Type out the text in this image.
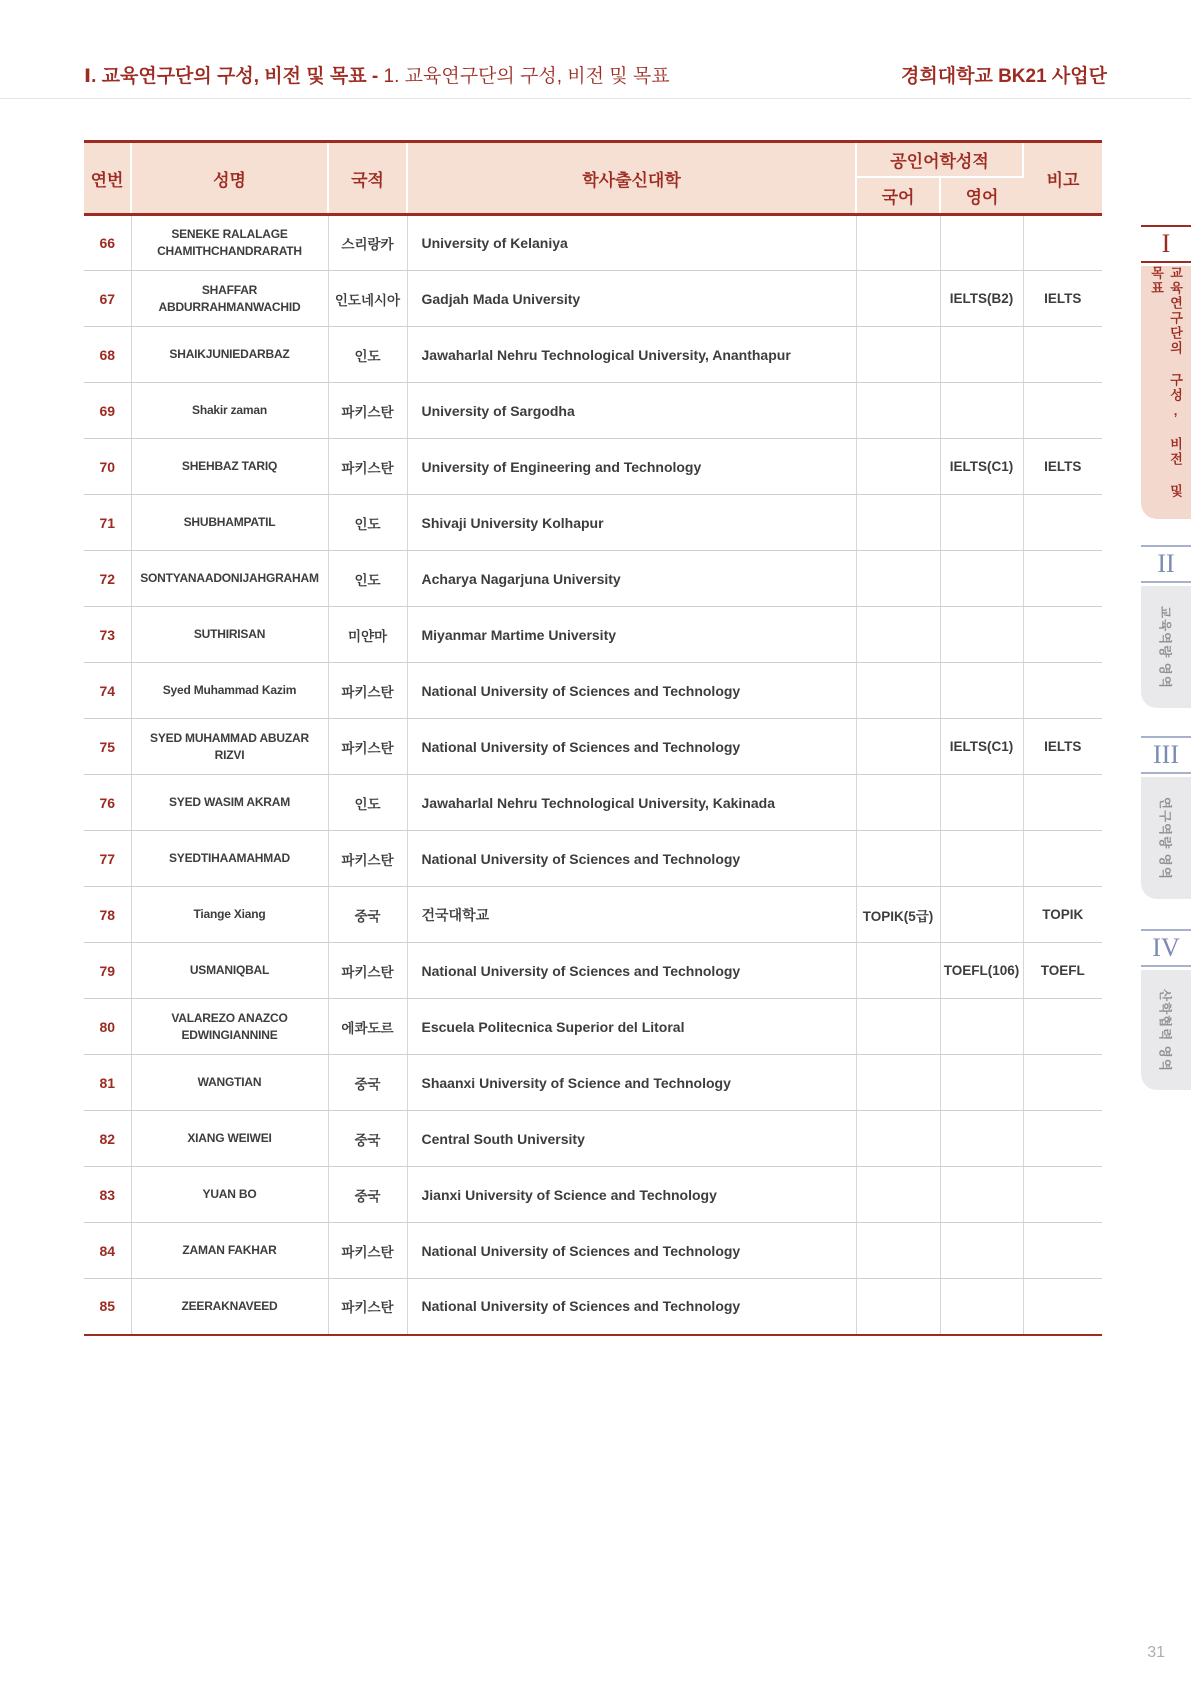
Ⅰ. 교육연구단의 구성, 비전 및 목표 - 1. 교육연구단의 구성, 비전 및 목표	경희대학교 BK21 사업단
연번	성명	국적	학사출신대학	공인어학성적		비고
				국어	영어	
66	SENEKE RALALAGE CHAMITHCHANDRARATH	스리랑카	University of Kelaniya			
67	SHAFFAR ABDURRAHMANWACHID	인도네시아	Gadjah Mada University		IELTS(B2)	IELTS
68	SHAIKJUNIEDARBAZ	인도	Jawaharlal Nehru Technological University, Ananthapur			
69	Shakir zaman	파키스탄	University of Sargodha			
70	SHEHBAZ TARIQ	파키스탄	University of Engineering and Technology		IELTS(C1)	IELTS
71	SHUBHAMPATIL	인도	Shivaji University Kolhapur			
72	SONTYANAADONIJAHGRAHAM	인도	Acharya Nagarjuna University			
73	SUTHIRISAN	미얀마	Miyanmar Martime University			
74	Syed Muhammad Kazim	파키스탄	National University of Sciences and Technology			
75	SYED MUHAMMAD ABUZAR RIZVI	파키스탄	National University of Sciences and Technology		IELTS(C1)	IELTS
76	SYED WASIM AKRAM	인도	Jawaharlal Nehru Technological University, Kakinada			
77	SYEDTIHAAMAHMAD	파키스탄	National University of Sciences and Technology			
78	Tiange Xiang	중국	건국대학교	TOPIK(5급)		TOPIK
79	USMANIQBAL	파키스탄	National University of Sciences and Technology		TOEFL(106)	TOEFL
80	VALAREZO ANAZCO EDWINGIANNINE	에콰도르	Escuela Politecnica Superior del Litoral			
81	WANGTIAN	중국	Shaanxi University of Science and Technology			
82	XIANG WEIWEI	중국	Central South University			
83	YUAN BO	중국	Jianxi University of Science and Technology			
84	ZAMAN FAKHAR	파키스탄	National University of Sciences and Technology			
85	ZEERAKNAVEED	파키스탄	National University of Sciences and Technology			
I
교육연구단의 구성, 비전 및 목표
II
교육역량 영역
III
연구역량 영역
IV
산학협력 영역
31
